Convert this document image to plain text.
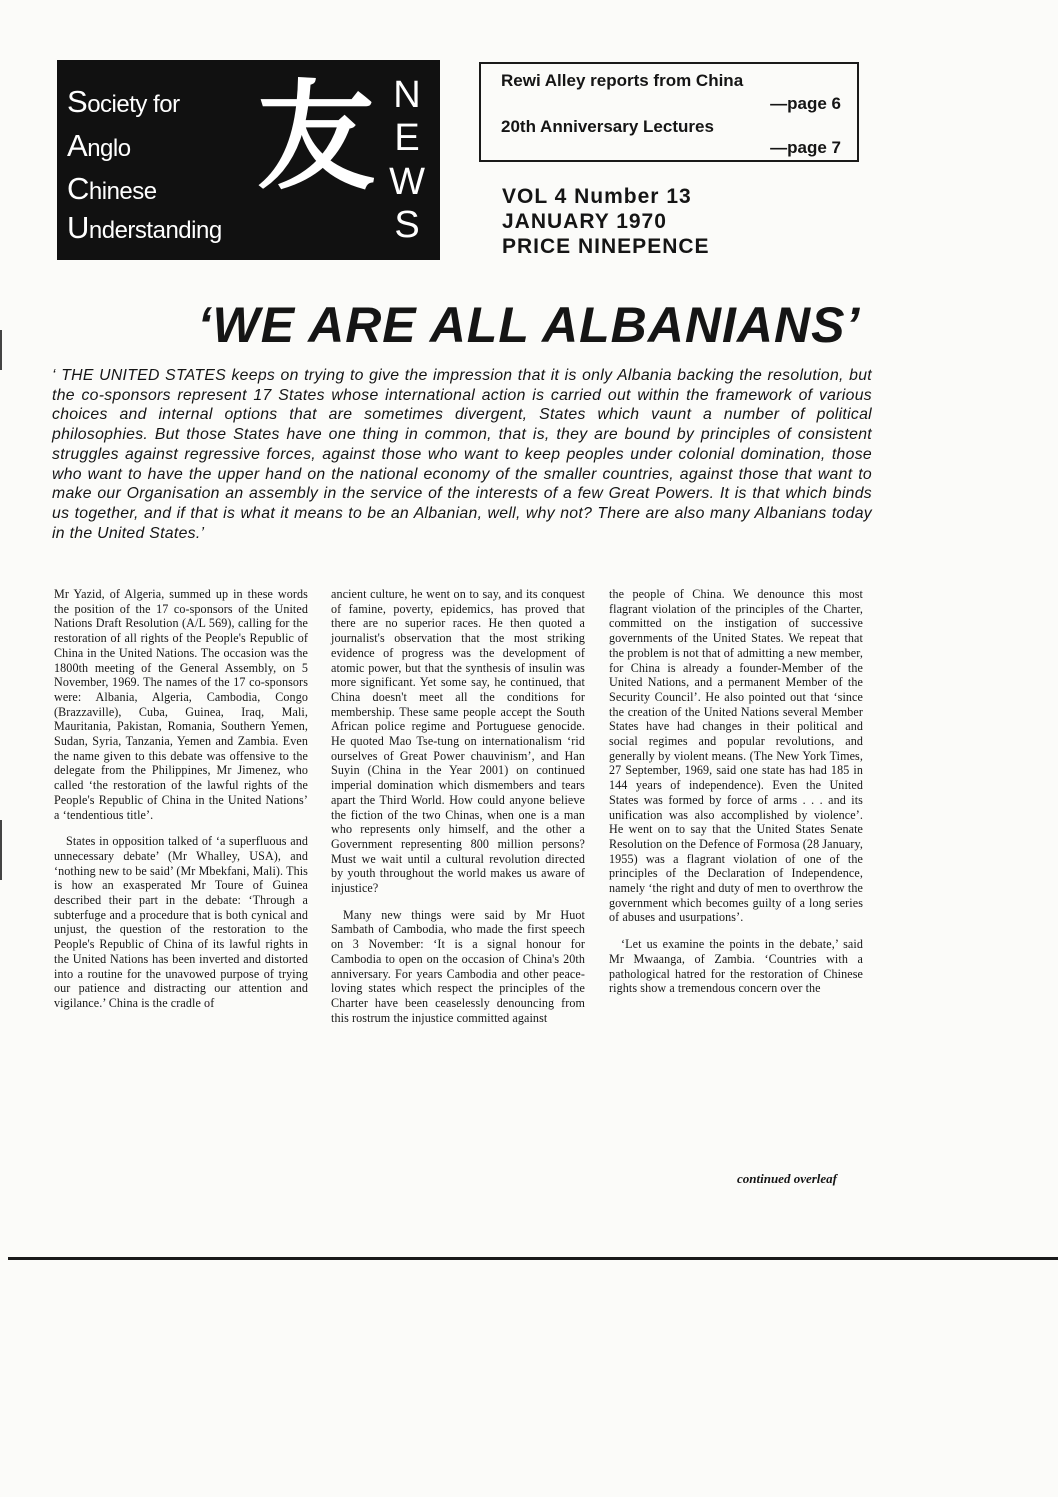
Society for
Anglo
Chinese
Understanding
友 N
E
W
S
Rewi Alley reports from China
—page 6
20th Anniversary Lectures
—page 7
VOL 4 Number 13
JANUARY 1970
PRICE NINEPENCE
‘WE ARE ALL ALBANIANS’
‘ THE UNITED STATES keeps on trying to give the impression that it is only Albania backing the resolution, but the co-sponsors represent 17 States whose international action is carried out within the framework of various choices and internal options that are sometimes divergent, States which vaunt a number of political philosophies. But those States have one thing in common, that is, they are bound by principles of consistent struggles against regressive forces, against those who want to keep peoples under colonial domination, those who want to have the upper hand on the national economy of the smaller countries, against those that want to make our Organisation an assembly in the service of the interests of a few Great Powers. It is that which binds us together, and if that is what it means to be an Albanian, well, why not? There are also many Albanians today in the United States.’

Mr Yazid, of Algeria, summed up in these words the position of the 17 co-sponsors of the United Nations Draft Resolution (A/L 569), calling for the restoration of all rights of the People's Republic of China in the United Nations. The occasion was the 1800th meeting of the General Assembly, on 5 November, 1969. The names of the 17 co-sponsors were: Albania, Algeria, Cambodia, Congo (Brazzaville), Cuba, Guinea, Iraq, Mali, Mauritania, Pakistan, Romania, Southern Yemen, Sudan, Syria, Tanzania, Yemen and Zambia. Even the name given to this debate was offensive to the delegate from the Philippines, Mr Jimenez, who called ‘the restoration of the lawful rights of the People's Republic of China in the United Nations’ a ‘tendentious title’.

States in opposition talked of ‘a superfluous and unnecessary debate’ (Mr Whalley, USA), and ‘nothing new to be said’ (Mr Mbekfani, Mali). This is how an exasperated Mr Toure of Guinea described their part in the debate: ‘Through a subterfuge and a procedure that is both cynical and unjust, the question of the restoration to the People's Republic of China of its lawful rights in the United Nations has been inverted and distorted into a routine for the unavowed purpose of trying our patience and distracting our attention and vigilance.’ China is the cradle of

ancient culture, he went on to say, and its conquest of famine, poverty, epidemics, has proved that there are no superior races. He then quoted a journalist's observation that the most striking evidence of progress was the development of atomic power, but that the synthesis of insulin was more significant. Yet some say, he continued, that China doesn't meet all the conditions for membership. These same people accept the South African police regime and Portuguese genocide. He quoted Mao Tse-tung on internationalism ‘rid ourselves of Great Power chauvinism’, and Han Suyin (China in the Year 2001) on continued imperial domination which dismembers and tears apart the Third World. How could anyone believe the fiction of the two Chinas, when one is a man who represents only himself, and the other a Government representing 800 million persons? Must we wait until a cultural revolution directed by youth throughout the world makes us aware of injustice?

Many new things were said by Mr Huot Sambath of Cambodia, who made the first speech on 3 November: ‘It is a signal honour for Cambodia to open on the occasion of China's 20th anniversary. For years Cambodia and other peace-loving states which respect the principles of the Charter have been ceaselessly denouncing from this rostrum the injustice committed against

the people of China. We denounce this most flagrant violation of the principles of the Charter, committed on the instigation of successive governments of the United States. We repeat that the problem is not that of admitting a new member, for China is already a founder-Member of the United Nations, and a permanent Member of the Security Council’. He also pointed out that ‘since the creation of the United Nations several Member States have had changes in their political and social regimes and popular revolutions, and generally by violent means. (The New York Times, 27 September, 1969, said one state has had 185 in 144 years of independence). Even the United States was formed by force of arms . . . and its unification was also accomplished by violence’. He went on to say that the United States Senate Resolution on the Defence of Formosa (28 January, 1955) was a flagrant violation of one of the principles of the Declaration of Independence, namely ‘the right and duty of men to overthrow the government which becomes guilty of a long series of abuses and usurpations’.

‘Let us examine the points in the debate,’ said Mr Mwaanga, of Zambia. ‘Countries with a pathological hatred for the restoration of Chinese rights show a tremendous concern over the

continued overleaf
